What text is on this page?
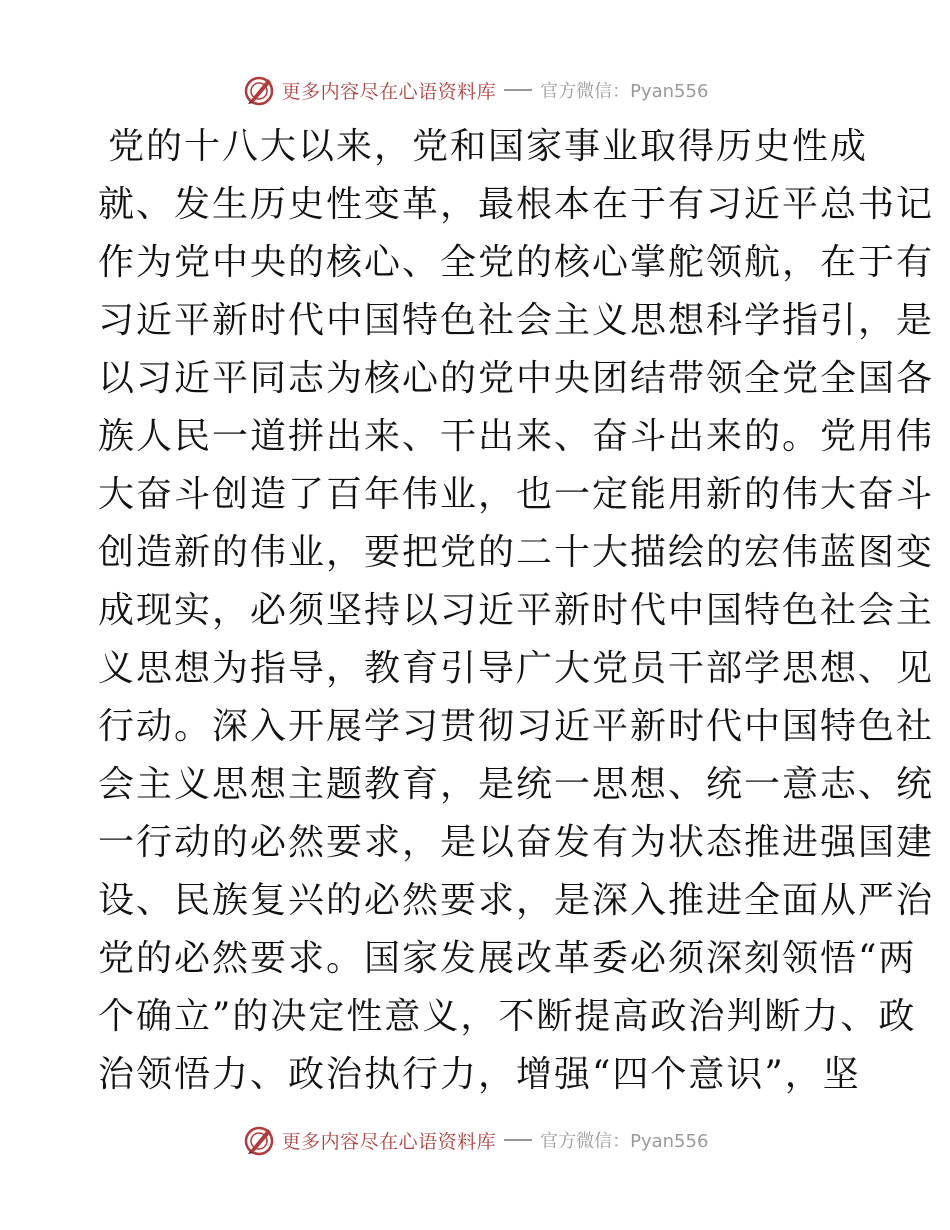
更多内容尽在心语资料库 官方微信：Pyan556
党的十八大以来，党和国家事业取得历史性成
就、发生历史性变革，最根本在于有习近平总书记
作为党中央的核心、全党的核心掌舵领航，在于有
习近平新时代中国特色社会主义思想科学指引，是
以习近平同志为核心的党中央团结带领全党全国各
族人民一道拼出来、干出来、奋斗出来的。党用伟
大奋斗创造了百年伟业，也一定能用新的伟大奋斗
创造新的伟业，要把党的二十大描绘的宏伟蓝图变
成现实，必须坚持以习近平新时代中国特色社会主
义思想为指导，教育引导广大党员干部学思想、见
行动。深入开展学习贯彻习近平新时代中国特色社
会主义思想主题教育，是统一思想、统一意志、统
一行动的必然要求，是以奋发有为状态推进强国建
设、民族复兴的必然要求，是深入推进全面从严治
党的必然要求。国家发展改革委必须深刻领悟“两
个确立”的决定性意义，不断提高政治判断力、政
治领悟力、政治执行力，增强“四个意识”，坚
更多内容尽在心语资料库 官方微信：Pyan556
